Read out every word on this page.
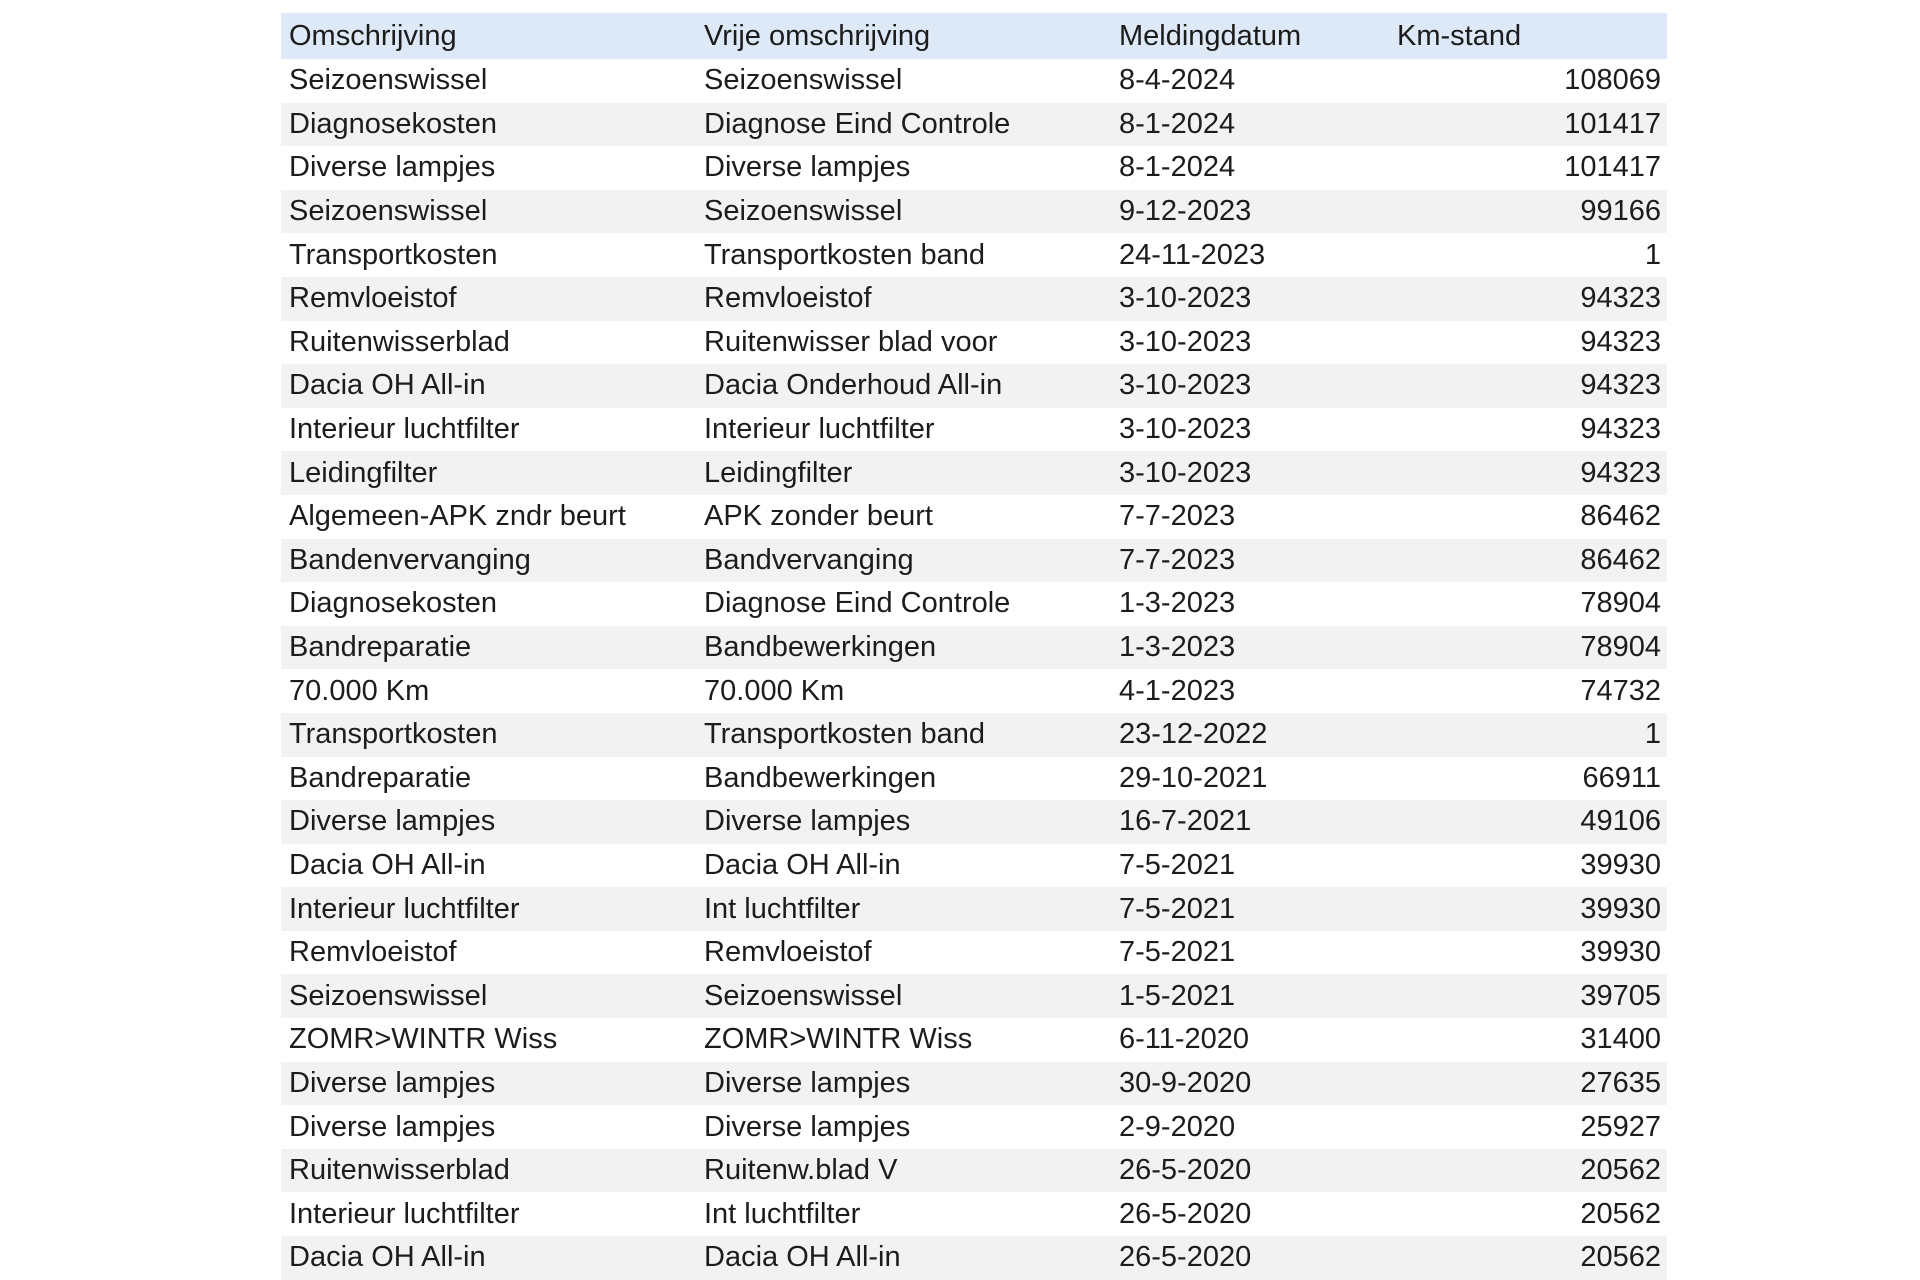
Omschrijving	Vrije omschrijving	Meldingdatum	Km-stand
Seizoenswissel	Seizoenswissel	8-4-2024	108069
Diagnosekosten	Diagnose Eind Controle	8-1-2024	101417
Diverse lampjes	Diverse lampjes	8-1-2024	101417
Seizoenswissel	Seizoenswissel	9-12-2023	99166
Transportkosten	Transportkosten band	24-11-2023	1
Remvloeistof	Remvloeistof	3-10-2023	94323
Ruitenwisserblad	Ruitenwisser blad voor	3-10-2023	94323
Dacia OH All-in	Dacia Onderhoud All-in	3-10-2023	94323
Interieur luchtfilter	Interieur luchtfilter	3-10-2023	94323
Leidingfilter	Leidingfilter	3-10-2023	94323
Algemeen-APK zndr beurt	APK zonder beurt	7-7-2023	86462
Bandenvervanging	Bandvervanging	7-7-2023	86462
Diagnosekosten	Diagnose Eind Controle	1-3-2023	78904
Bandreparatie	Bandbewerkingen	1-3-2023	78904
70.000 Km	70.000 Km	4-1-2023	74732
Transportkosten	Transportkosten band	23-12-2022	1
Bandreparatie	Bandbewerkingen	29-10-2021	66911
Diverse lampjes	Diverse lampjes	16-7-2021	49106
Dacia OH All-in	Dacia OH All-in	7-5-2021	39930
Interieur luchtfilter	Int luchtfilter	7-5-2021	39930
Remvloeistof	Remvloeistof	7-5-2021	39930
Seizoenswissel	Seizoenswissel	1-5-2021	39705
ZOMR>WINTR Wiss	ZOMR>WINTR Wiss	6-11-2020	31400
Diverse lampjes	Diverse lampjes	30-9-2020	27635
Diverse lampjes	Diverse lampjes	2-9-2020	25927
Ruitenwisserblad	Ruitenw.blad V	26-5-2020	20562
Interieur luchtfilter	Int luchtfilter	26-5-2020	20562
Dacia OH All-in	Dacia OH All-in	26-5-2020	20562
